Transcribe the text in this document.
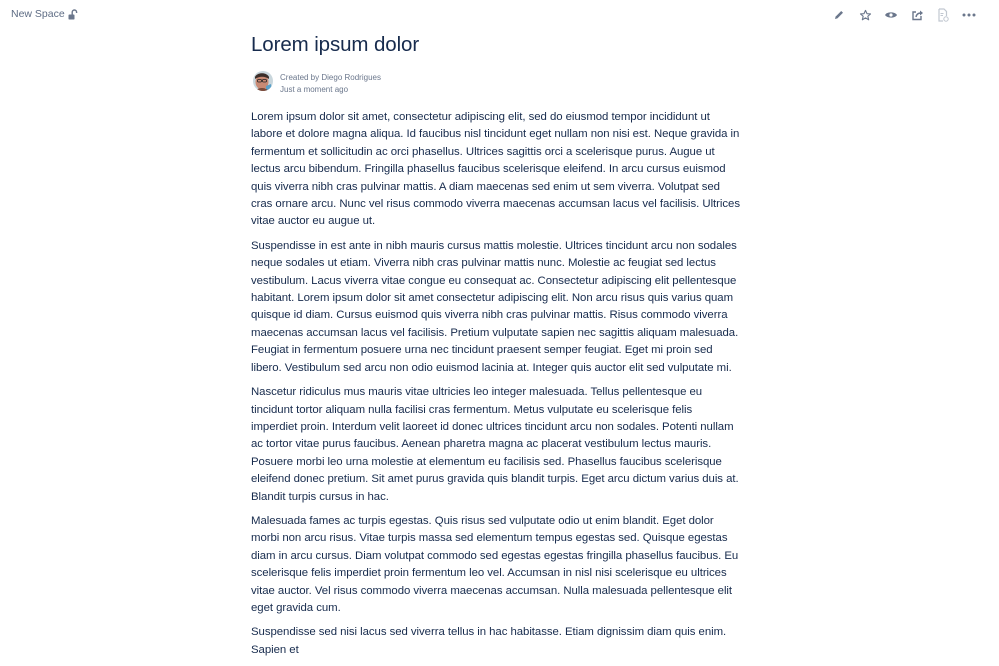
New Space
Lorem ipsum dolor
Created by Diego Rodrigues
Just a moment ago

Lorem ipsum dolor sit amet, consectetur adipiscing elit, sed do eiusmod tempor incididunt ut labore et dolore magna aliqua. Id faucibus nisl tincidunt eget nullam non nisi est. Neque gravida in fermentum et sollicitudin ac orci phasellus. Ultrices sagittis orci a scelerisque purus. Augue ut lectus arcu bibendum. Fringilla phasellus faucibus scelerisque eleifend. In arcu cursus euismod quis viverra nibh cras pulvinar mattis. A diam maecenas sed enim ut sem viverra. Volutpat sed cras ornare arcu. Nunc vel risus commodo viverra maecenas accumsan lacus vel facilisis. Ultrices vitae auctor eu augue ut.

Suspendisse in est ante in nibh mauris cursus mattis molestie. Ultrices tincidunt arcu non sodales neque sodales ut etiam. Viverra nibh cras pulvinar mattis nunc. Molestie ac feugiat sed lectus vestibulum. Lacus viverra vitae congue eu consequat ac. Consectetur adipiscing elit pellentesque habitant. Lorem ipsum dolor sit amet consectetur adipiscing elit. Non arcu risus quis varius quam quisque id diam. Cursus euismod quis viverra nibh cras pulvinar mattis. Risus commodo viverra maecenas accumsan lacus vel facilisis. Pretium vulputate sapien nec sagittis aliquam malesuada. Feugiat in fermentum posuere urna nec tincidunt praesent semper feugiat. Eget mi proin sed libero. Vestibulum sed arcu non odio euismod lacinia at. Integer quis auctor elit sed vulputate mi.

Nascetur ridiculus mus mauris vitae ultricies leo integer malesuada. Tellus pellentesque eu tincidunt tortor aliquam nulla facilisi cras fermentum. Metus vulputate eu scelerisque felis imperdiet proin. Interdum velit laoreet id donec ultrices tincidunt arcu non sodales. Potenti nullam ac tortor vitae purus faucibus. Aenean pharetra magna ac placerat vestibulum lectus mauris. Posuere morbi leo urna molestie at elementum eu facilisis sed. Phasellus faucibus scelerisque eleifend donec pretium. Sit amet purus gravida quis blandit turpis. Eget arcu dictum varius duis at. Blandit turpis cursus in hac.

Malesuada fames ac turpis egestas. Quis risus sed vulputate odio ut enim blandit. Eget dolor morbi non arcu risus. Vitae turpis massa sed elementum tempus egestas sed. Quisque egestas diam in arcu cursus. Diam volutpat commodo sed egestas egestas fringilla phasellus faucibus. Eu scelerisque felis imperdiet proin fermentum leo vel. Accumsan in nisl nisi scelerisque eu ultrices vitae auctor. Vel risus commodo viverra maecenas accumsan. Nulla malesuada pellentesque elit eget gravida cum.

Suspendisse sed nisi lacus sed viverra tellus in hac habitasse. Etiam dignissim diam quis enim. Sapien et
